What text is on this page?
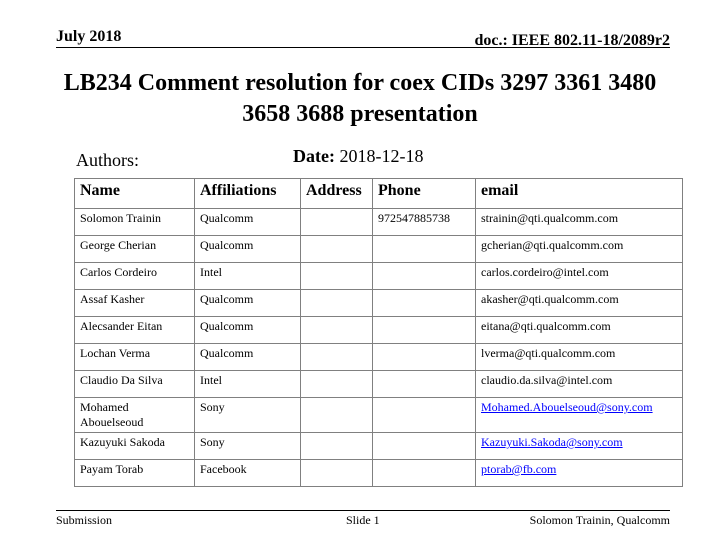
July 2018	doc.: IEEE 802.11-18/2089r2
LB234 Comment resolution for coex CIDs 3297 3361 3480 3658 3688 presentation
Authors:	Date: 2018-12-18
Name	Affiliations	Address	Phone	email
Solomon Trainin	Qualcomm		972547885738	strainin@qti.qualcomm.com
George Cherian	Qualcomm			gcherian@qti.qualcomm.com
Carlos Cordeiro	Intel			carlos.cordeiro@intel.com
Assaf Kasher	Qualcomm			akasher@qti.qualcomm.com
Alecsander Eitan	Qualcomm			eitana@qti.qualcomm.com
Lochan Verma	Qualcomm			lverma@qti.qualcomm.com
Claudio Da Silva	Intel			claudio.da.silva@intel.com
Mohamed Abouelseoud	Sony			Mohamed.Abouelseoud@sony.com
Kazuyuki Sakoda	Sony			Kazuyuki.Sakoda@sony.com
Payam Torab	Facebook			ptorab@fb.com
Submission	Slide 1	Solomon Trainin, Qualcomm
